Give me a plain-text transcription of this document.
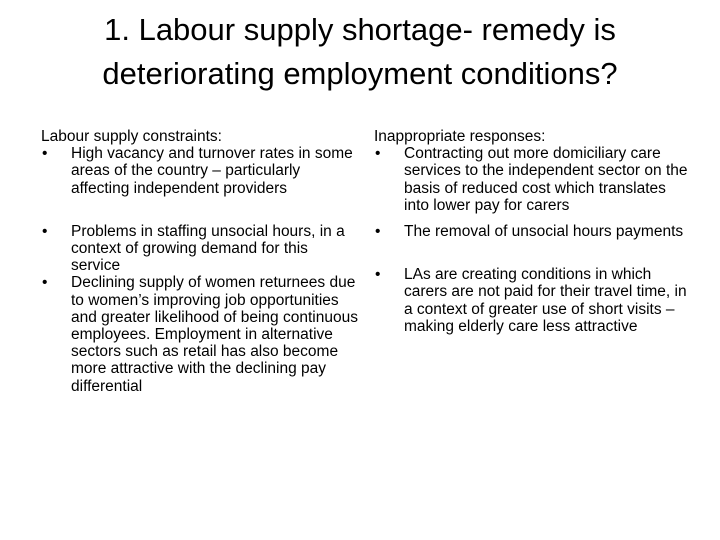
1. Labour supply shortage- remedy is deteriorating employment conditions?
Labour supply constraints:
•	High vacancy and turnover rates in some areas of the country – particularly affecting independent providers
•	Problems in staffing unsocial hours, in a context of growing demand for this service
•	Declining supply of women returnees due to women’s improving job opportunities and greater likelihood of being continuous employees. Employment in alternative sectors such as retail has also become more attractive with the declining pay differential
Inappropriate responses:
•	Contracting out more domiciliary care services to the independent sector on the basis of reduced cost which translates into lower pay for carers
•	The removal of unsocial hours payments
•	LAs are creating conditions in which carers are not paid for their travel time, in a context of greater use of short visits – making elderly care less attractive
